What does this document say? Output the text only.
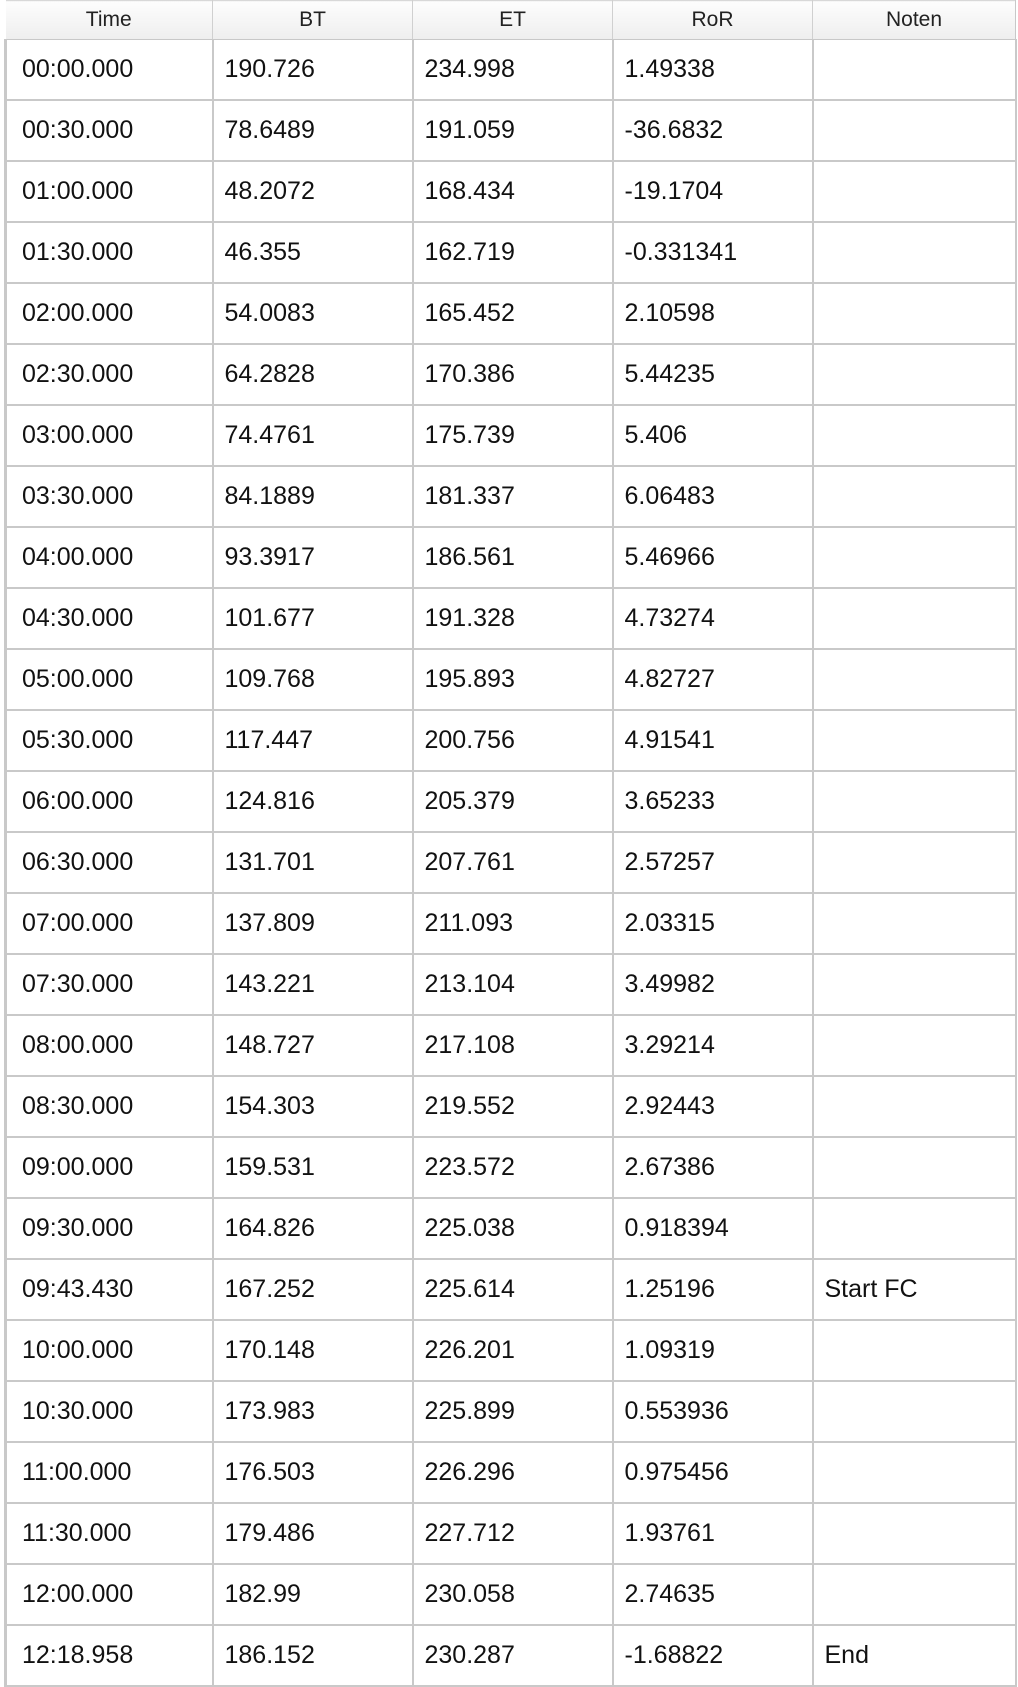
Time	BT	ET	RoR	Noten
00:00.000	190.726	234.998	1.49338	
00:30.000	78.6489	191.059	-36.6832	
01:00.000	48.2072	168.434	-19.1704	
01:30.000	46.355	162.719	-0.331341	
02:00.000	54.0083	165.452	2.10598	
02:30.000	64.2828	170.386	5.44235	
03:00.000	74.4761	175.739	5.406	
03:30.000	84.1889	181.337	6.06483	
04:00.000	93.3917	186.561	5.46966	
04:30.000	101.677	191.328	4.73274	
05:00.000	109.768	195.893	4.82727	
05:30.000	117.447	200.756	4.91541	
06:00.000	124.816	205.379	3.65233	
06:30.000	131.701	207.761	2.57257	
07:00.000	137.809	211.093	2.03315	
07:30.000	143.221	213.104	3.49982	
08:00.000	148.727	217.108	3.29214	
08:30.000	154.303	219.552	2.92443	
09:00.000	159.531	223.572	2.67386	
09:30.000	164.826	225.038	0.918394	
09:43.430	167.252	225.614	1.25196	Start FC
10:00.000	170.148	226.201	1.09319	
10:30.000	173.983	225.899	0.553936	
11:00.000	176.503	226.296	0.975456	
11:30.000	179.486	227.712	1.93761	
12:00.000	182.99	230.058	2.74635	
12:18.958	186.152	230.287	-1.68822	End
